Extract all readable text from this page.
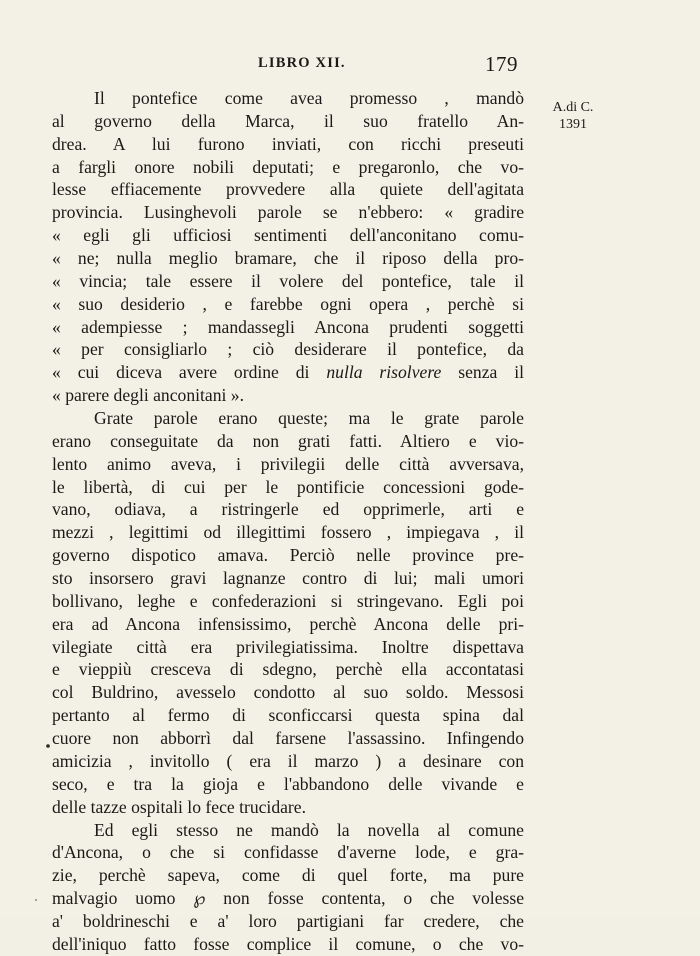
LIBRO XII.	179
A.di C.
1391
Il pontefice come avea promesso , mandò
al governo della Marca, il suo fratello An-
drea. A lui furono inviati, con ricchi preseuti
a fargli onore nobili deputati; e pregaronlo, che vo-
lesse effiacemente provvedere alla quiete dell'agitata
provincia. Lusinghevoli parole se n'ebbero: « gradire
« egli gli ufficiosi sentimenti dell'anconitano comu-
« ne; nulla meglio bramare, che il riposo della pro-
« vincia; tale essere il volere del pontefice, tale il
« suo desiderio , e farebbe ogni opera , perchè si
« adempiesse ; mandassegli Ancona prudenti soggetti
« per consigliarlo ; ciò desiderare il pontefice, da
« cui diceva avere ordine di nulla risolvere senza il
« parere degli anconitani ».
Grate parole erano queste; ma le grate parole
erano conseguitate da non grati fatti. Altiero e vio-
lento animo aveva, i privilegii delle città avversava,
le libertà, di cui per le pontificie concessioni gode-
vano, odiava, a ristringerle ed opprimerle, arti e
mezzi , legittimi od illegittimi fossero , impiegava , il
governo dispotico amava. Perciò nelle province pre-
sto insorsero gravi lagnanze contro di lui; mali umori
bollivano, leghe e confederazioni si stringevano. Egli poi
era ad Ancona infensissimo, perchè Ancona delle pri-
vilegiate città era privilegiatissima. Inoltre dispettava
e vieppiù cresceva di sdegno, perchè ella accontatasi
col Buldrino, avesselo condotto al suo soldo. Messosi
pertanto al fermo di sconficcarsi questa spina dal
cuore non abborrì dal farsene l'assassino. Infingendo
amicizia , invitollo ( era il marzo ) a desinare con
seco, e tra la gioja e l'abbandono delle vivande e
delle tazze ospitali lo fece trucidare.
Ed egli stesso ne mandò la novella al comune
d'Ancona, o che si confidasse d'averne lode, e gra-
zie, perchè sapeva, come di quel forte, ma pure
malvagio uomo ℘ non fosse contenta, o che volesse
a' boldrineschi e a' loro partigiani far credere, che
dell'iniquo fatto fosse complice il comune, o che vo-
